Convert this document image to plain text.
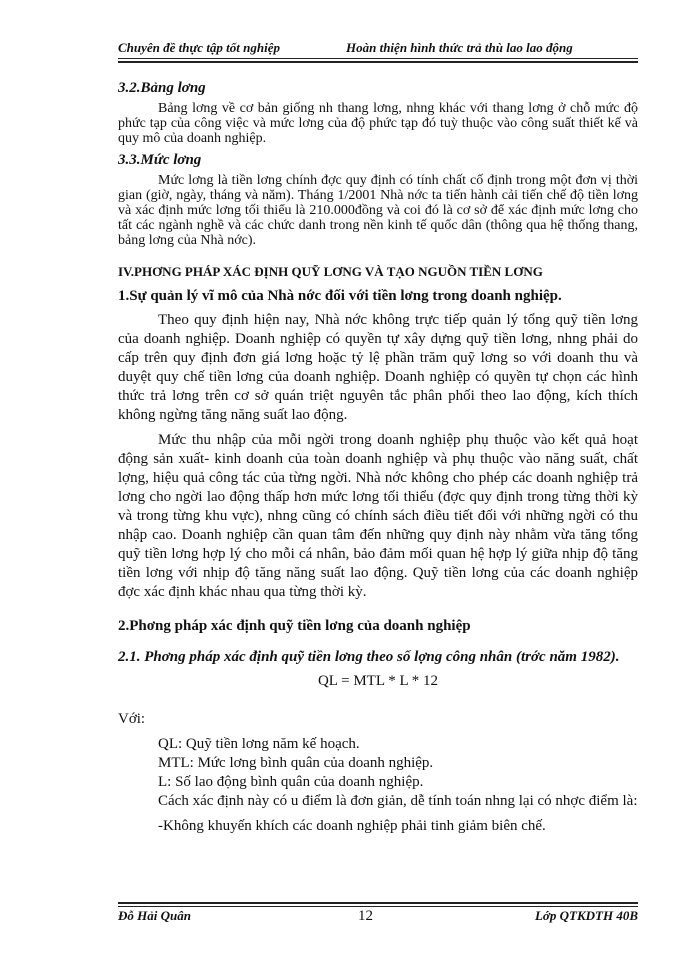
Chuyên đề thực tập tốt nghiệp	Hoàn thiện hình thức trả thù lao lao động

3.2.Bảng lơng

Bảng lơng về cơ bản giống nh thang lơng, nhng khác với thang lơng ở chỗ mức độ phức tạp của công việc và mức lơng của độ phức tạp đó tuỳ thuộc vào công suất thiết kế và quy mô của doanh nghiệp.

3.3.Mức lơng

Mức lơng là tiền lơng chính đợc quy định có tính chất cố định trong một đơn vị thời gian (giờ, ngày, tháng và năm). Tháng 1/2001 Nhà nớc ta tiến hành cải tiến chế độ tiền lơng và xác định mức lơng tối thiểu là 210.000đồng và coi đó là cơ sở để xác định mức lơng cho tất các ngành nghề và các chức danh trong nền kinh tế quốc dân (thông qua hệ thống thang, bảng lơng của Nhà nớc).

IV.PHƠNG PHÁP XÁC ĐỊNH QUỸ LƠNG VÀ TẠO NGUỒN TIỀN LƠNG

1.Sự quản lý vĩ mô của Nhà nớc đối với tiền lơng trong doanh nghiệp.

Theo quy định hiện nay, Nhà nớc không trực tiếp quản lý tổng quỹ tiền lơng của doanh nghiệp. Doanh nghiệp có quyền tự xây dựng quỹ tiền lơng, nhng phải do cấp trên quy định đơn giá lơng hoặc tỷ lệ phần trăm quỹ lơng so với doanh thu và duyệt quy chế tiền lơng của doanh nghiệp. Doanh nghiệp có quyền tự chọn các hình thức trả lơng trên cơ sở quán triệt nguyên tắc phân phối theo lao động, kích thích không ngừng tăng năng suất lao động.

Mức thu nhập của mỗi ngời trong doanh nghiệp phụ thuộc vào kết quả hoạt động sản xuất- kinh doanh của toàn doanh nghiệp và phụ thuộc vào năng suất, chất lợng, hiệu quả công tác của từng ngời. Nhà nớc không cho phép các doanh nghiệp trả lơng cho ngời lao động thấp hơn mức lơng tối thiểu (đợc quy định trong từng thời kỳ và trong từng khu vực), nhng cũng có chính sách điều tiết đối với những ngời có thu nhập cao. Doanh nghiệp cần quan tâm đến những quy định này nhằm vừa tăng tổng quỹ tiền lơng hợp lý cho mỗi cá nhân, bảo đảm mối quan hệ hợp lý giữa nhịp độ tăng tiền lơng với nhịp độ tăng năng suất lao động. Quỹ tiền lơng của các doanh nghiệp đợc xác định khác nhau qua từng thời kỳ.

2.Phơng pháp xác định quỹ tiền lơng của doanh nghiệp

2.1. Phơng pháp xác định quỹ tiền lơng theo số lợng công nhân (trớc năm 1982).

QL = MTL * L * 12

Với:

QL: Quỹ tiền lơng năm kế hoạch.

MTL: Mức lơng bình quân của doanh nghiệp.

L: Số lao động bình quân của doanh nghiệp.

Cách xác định này có u điểm là đơn giản, dễ tính toán nhng lại có nhợc điểm là:

-Không khuyến khích các doanh nghiệp phải tinh giảm biên chế.

Đỗ Hải Quân	12	Lớp QTKDTH 40B
